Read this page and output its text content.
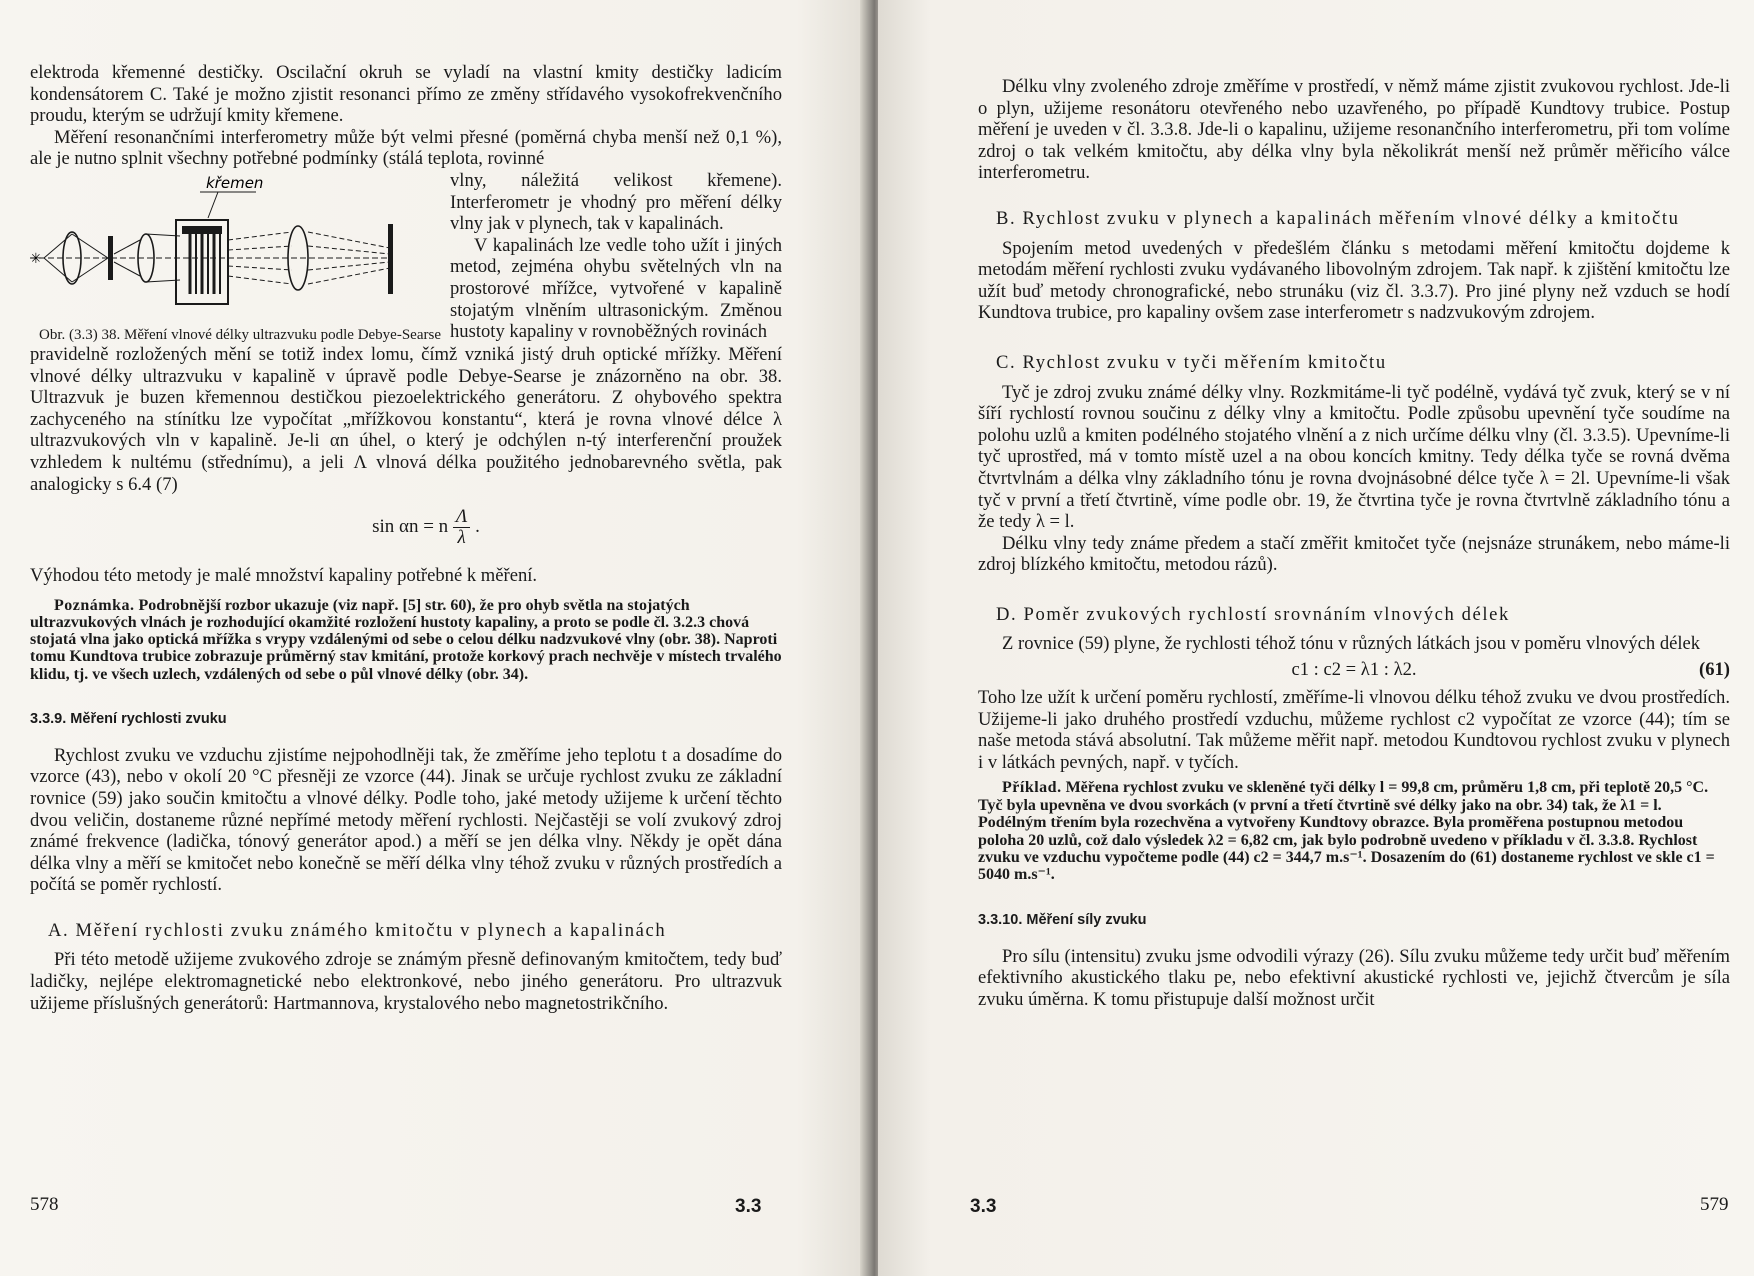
elektroda křemenné destičky. Oscilační okruh se vyladí na vlastní kmity destičky ladicím kondensátorem C. Také je možno zjistit resonanci přímo ze změny střídavého vysokofrekvenčního proudu, kterým se udržují kmity křemene.

Měření resonančními interferometry může být velmi přesné (poměrná chyba menší než 0,1 %), ale je nutno splnit všechny potřebné podmínky (stálá teplota, rovinné

křemen
✳
Obr. (3.3) 38. Měření vlnové délky ultrazvuku podle Debye-Searse

vlny, náležitá velikost křemene). Interferometr je vhodný pro měření délky vlny jak v plynech, tak v kapalinách.

V kapalinách lze vedle toho užít i jiných metod, zejména ohybu světelných vln na prostorové mřížce, vytvořené v kapalině stojatým vlněním ultrasonickým. Změnou hustoty kapaliny v rovnoběžných rovinách

pravidelně rozložených mění se totiž index lomu, čímž vzniká jistý druh optické mřížky. Měření vlnové délky ultrazvuku v kapalině v úpravě podle Debye-Searse je znázorněno na obr. 38. Ultrazvuk je buzen křemennou destičkou piezoelektrického generátoru. Z ohybového spektra zachyceného na stínítku lze vypočítat „mřížkovou konstantu“, která je rovna vlnové délce λ ultrazvukových vln v kapalině. Je-li αn úhel, o který je odchýlen n-tý interferenční proužek vzhledem k nultému (střednímu), a jeli Λ vlnová délka použitého jednobarevného světla, pak analogicky s 6.4 (7)

sin αn = n $\frac{\Lambda}{\lambda}$ .

Výhodou této metody je malé množství kapaliny potřebné k měření.

Poznámka. Podrobnější rozbor ukazuje (viz např. [5] str. 60), že pro ohyb světla na stojatých ultrazvukových vlnách je rozhodující okamžité rozložení hustoty kapaliny, a proto se podle čl. 3.2.3 chová stojatá vlna jako optická mřížka s vrypy vzdálenými od sebe o celou délku nadzvukové vlny (obr. 38). Naproti tomu Kundtova trubice zobrazuje průměrný stav kmitání, protože korkový prach nechvěje v místech trvalého klidu, tj. ve všech uzlech, vzdálených od sebe o půl vlnové délky (obr. 34).
3.3.9. Měření rychlosti zvuku

Rychlost zvuku ve vzduchu zjistíme nejpohodlněji tak, že změříme jeho teplotu t a dosadíme do vzorce (43), nebo v okolí 20 °C přesněji ze vzorce (44). Jinak se určuje rychlost zvuku ze základní rovnice (59) jako součin kmitočtu a vlnové délky. Podle toho, jaké metody užijeme k určení těchto dvou veličin, dostaneme různé nepřímé metody měření rychlosti. Nejčastěji se volí zvukový zdroj známé frekvence (ladička, tónový generátor apod.) a měří se jen délka vlny. Někdy je opět dána délka vlny a měří se kmitočet nebo konečně se měří délka vlny téhož zvuku v různých prostředích a počítá se poměr rychlostí.

A. Měření rychlosti zvuku známého kmitočtu v plynech a kapalinách

Při této metodě užijeme zvukového zdroje se známým přesně definovaným kmitočtem, tedy buď ladičky, nejlépe elektromagnetické nebo elektronkové, nebo jiného generátoru. Pro ultrazvuk užijeme příslušných generátorů: Hartmannova, krystalového nebo magnetostrikčního.

578	3.3

Délku vlny zvoleného zdroje změříme v prostředí, v němž máme zjistit zvukovou rychlost. Jde-li o plyn, užijeme resonátoru otevřeného nebo uzavřeného, po případě Kundtovy trubice. Postup měření je uveden v čl. 3.3.8. Jde-li o kapalinu, užijeme resonančního interferometru, při tom volíme zdroj o tak velkém kmitočtu, aby délka vlny byla několikrát menší než průměr měřicího válce interferometru.

B. Rychlost zvuku v plynech a kapalinách měřením vlnové délky a kmitočtu

Spojením metod uvedených v předešlém článku s metodami měření kmitočtu dojdeme k metodám měření rychlosti zvuku vydávaného libovolným zdrojem. Tak např. k zjištění kmitočtu lze užít buď metody chronografické, nebo strunáku (viz čl. 3.3.7). Pro jiné plyny než vzduch se hodí Kundtova trubice, pro kapaliny ovšem zase interferometr s nadzvukovým zdrojem.

C. Rychlost zvuku v tyči měřením kmitočtu

Tyč je zdroj zvuku známé délky vlny. Rozkmitáme-li tyč podélně, vydává tyč zvuk, který se v ní šíří rychlostí rovnou součinu z délky vlny a kmitočtu. Podle způsobu upevnění tyče soudíme na polohu uzlů a kmiten podélného stojatého vlnění a z nich určíme délku vlny (čl. 3.3.5). Upevníme-li tyč uprostřed, má v tomto místě uzel a na obou koncích kmitny. Tedy délka tyče se rovná dvěma čtvrtvlnám a délka vlny základního tónu je rovna dvojnásobné délce tyče λ = 2l. Upevníme-li však tyč v první a třetí čtvrtině, víme podle obr. 19, že čtvrtina tyče je rovna čtvrtvlně základního tónu a že tedy λ = l.

Délku vlny tedy známe předem a stačí změřit kmitočet tyče (nejsnáze strunákem, nebo máme-li zdroj blízkého kmitočtu, metodou rázů).

D. Poměr zvukových rychlostí srovnáním vlnových délek

Z rovnice (59) plyne, že rychlosti téhož tónu v různých látkách jsou v poměru vlnových délek

c1 : c2 = λ1 : λ2.	(61)

Toho lze užít k určení poměru rychlostí, změříme-li vlnovou délku téhož zvuku ve dvou prostředích. Užijeme-li jako druhého prostředí vzduchu, můžeme rychlost c2 vypočítat ze vzorce (44); tím se naše metoda stává absolutní. Tak můžeme měřit např. metodou Kundtovou rychlost zvuku v plynech i v látkách pevných, např. v tyčích.

Příklad. Měřena rychlost zvuku ve skleněné tyči délky l = 99,8 cm, průměru 1,8 cm, při teplotě 20,5 °C. Tyč byla upevněna ve dvou svorkách (v první a třetí čtvrtině své délky jako na obr. 34) tak, že λ1 = l. Podélným třením byla rozechvěna a vytvořeny Kundtovy obrazce. Byla proměřena postupnou metodou poloha 20 uzlů, což dalo výsledek λ2 = 6,82 cm, jak bylo podrobně uvedeno v příkladu v čl. 3.3.8. Rychlost zvuku ve vzduchu vypočteme podle (44) c2 = 344,7 m.s⁻¹. Dosazením do (61) dostaneme rychlost ve skle c1 = 5040 m.s⁻¹.
3.3.10. Měření síly zvuku

Pro sílu (intensitu) zvuku jsme odvodili výrazy (26). Sílu zvuku můžeme tedy určit buď měřením efektivního akustického tlaku pe, nebo efektivní akustické rychlosti ve, jejichž čtvercům je síla zvuku úměrna. K tomu přistupuje další možnost určit

3.3	579
